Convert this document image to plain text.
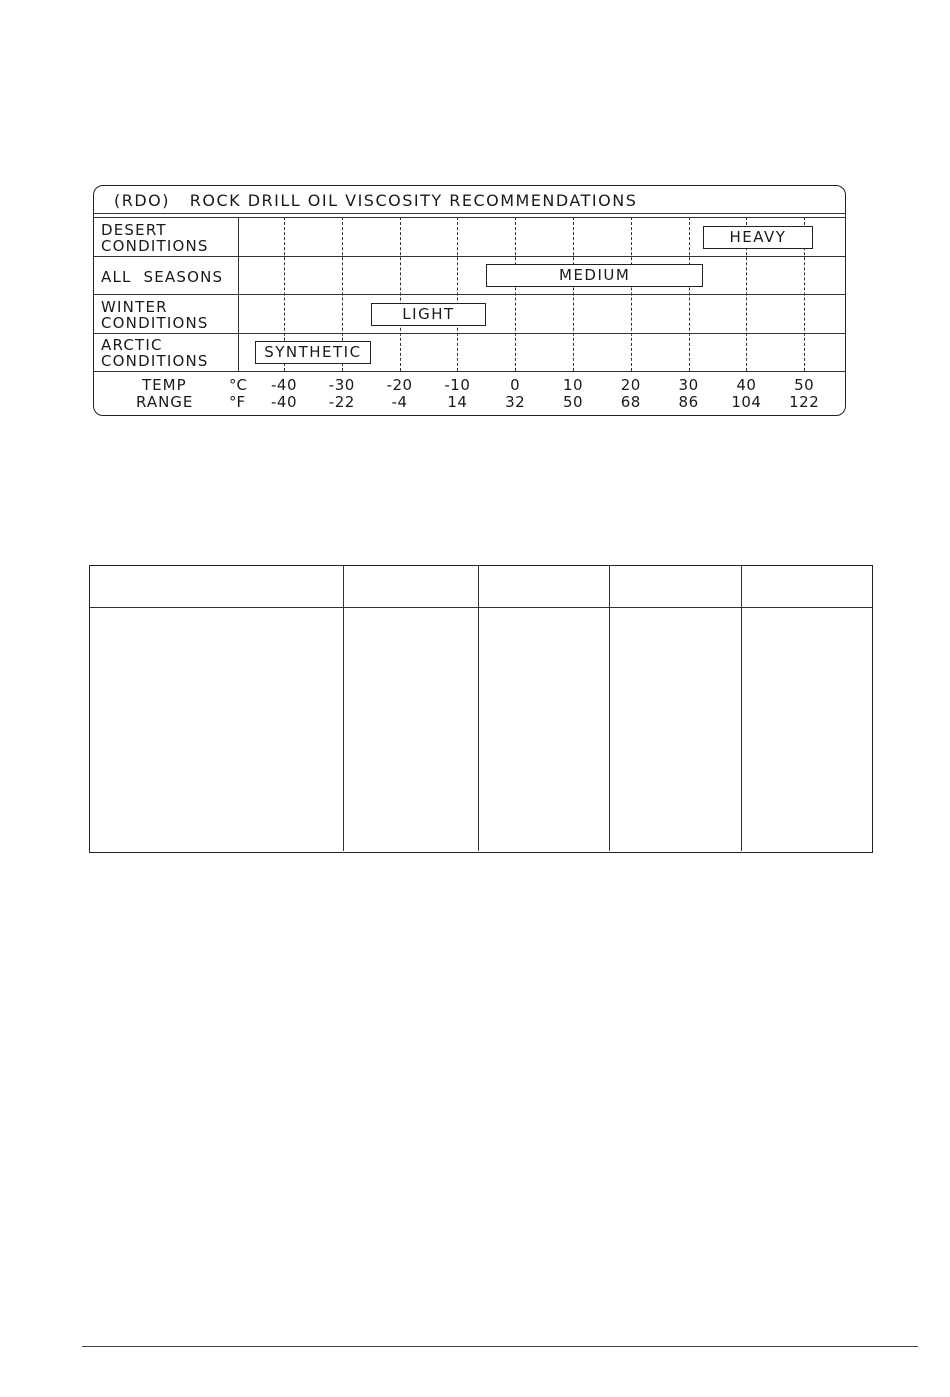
(RDO)   ROCK DRILL OIL VISCOSITY RECOMMENDATIONS
DESERT
CONDITIONS
ALL  SEASONS
WINTER
CONDITIONS
ARCTIC
CONDITIONS
HEAVY
MEDIUM
LIGHT
SYNTHETIC
TEMP
RANGE
°C
°F
-40
-40
-30
-22
-20
-4
-10
14
0
32
10
50
20
68
30
86
40
104
50
122
